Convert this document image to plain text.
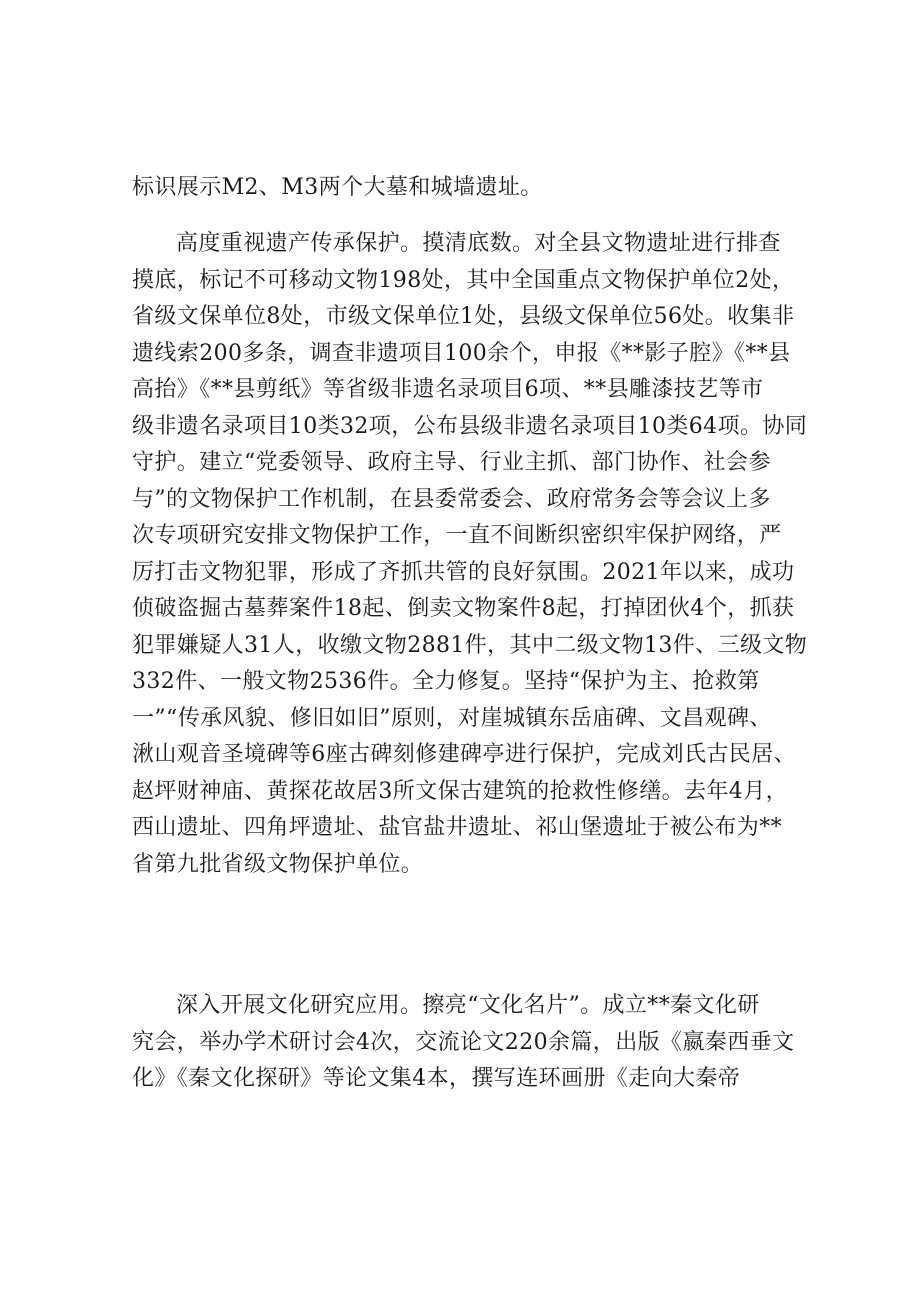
标识展示M2、M3两个大墓和城墙遗址。
高度重视遗产传承保护。摸清底数。对全县文物遗址进行排查
摸底，标记不可移动文物198处，其中全国重点文物保护单位2处，
省级文保单位8处，市级文保单位1处，县级文保单位56处。收集非
遗线索200多条，调查非遗项目100余个，申报《**影子腔》《**县
高抬》《**县剪纸》等省级非遗名录项目6项、**县雕漆技艺等市
级非遗名录项目10类32项，公布县级非遗名录项目10类64项。协同
守护。建立“党委领导、政府主导、行业主抓、部门协作、社会参
与”的文物保护工作机制，在县委常委会、政府常务会等会议上多
次专项研究安排文物保护工作，一直不间断织密织牢保护网络，严
厉打击文物犯罪，形成了齐抓共管的良好氛围。2021年以来，成功
侦破盗掘古墓葬案件18起、倒卖文物案件8起，打掉团伙4个，抓获
犯罪嫌疑人31人，收缴文物2881件，其中二级文物13件、三级文物
332件、一般文物2536件。全力修复。坚持“保护为主、抢救第
一”“传承风貌、修旧如旧”原则，对崖城镇东岳庙碑、文昌观碑、
湫山观音圣境碑等6座古碑刻修建碑亭进行保护，完成刘氏古民居、
赵坪财神庙、黄探花故居3所文保古建筑的抢救性修缮。去年4月，
西山遗址、四角坪遗址、盐官盐井遗址、祁山堡遗址于被公布为**
省第九批省级文物保护单位。
深入开展文化研究应用。擦亮“文化名片”。成立**秦文化研
究会，举办学术研讨会4次，交流论文220余篇，出版《嬴秦西垂文
化》《秦文化探研》等论文集4本，撰写连环画册《走向大秦帝
